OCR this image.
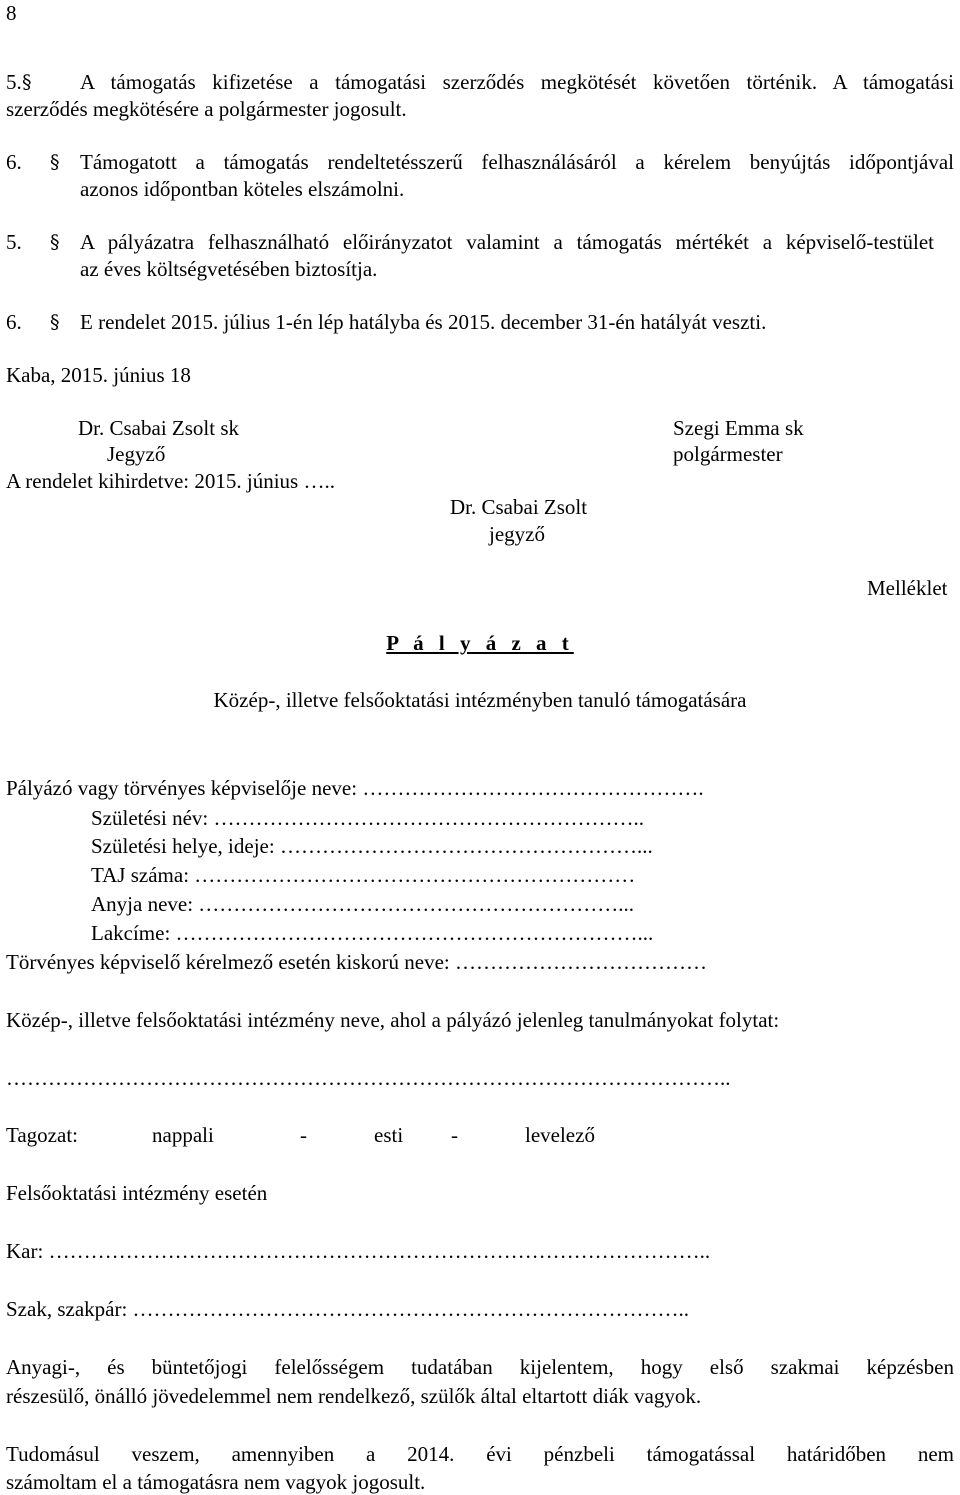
8
5. § A támogatás kifizetése a támogatási szerződés megkötését követően történik. A támogatási
szerződés megkötésére a polgármester jogosult.
6. § Támogatott a támogatás rendeltetésszerű felhasználásáról a kérelem benyújtás időpontjával
azonos időpontban köteles elszámolni.
5. § A pályázatra felhasználható előirányzatot valamint a támogatás mértékét a képviselő-testület
az éves költségvetésében biztosítja.
6. § E rendelet 2015. július 1-én lép hatályba és 2015. december 31-én hatályát veszti.
Kaba, 2015. június 18
Dr. Csabai Zsolt sk
Jegyző
Szegi Emma sk
polgármester
A rendelet kihirdetve: 2015. június …..
Dr. Csabai Zsolt
jegyző
Melléklet
P á l y á z a t
Közép-, illetve felsőoktatási intézményben tanuló támogatására
Pályázó vagy törvényes képviselője neve: ………………………………………….
Születési név: ……………………………………………………..
Születési helye, ideje: ……………………………………………...
TAJ száma: ………………………………………………………
Anyja neve: ……………………………………………………...
Lakcíme: …………………………………………………………...
Törvényes képviselő kérelmező esetén kiskorú neve: ………………………………
Közép-, illetve felsőoktatási intézmény neve, ahol a pályázó jelenleg tanulmányokat folytat:
…………………………………………………………………………………………..
Tagozat:	nappali	-	esti -	levelező
Felsőoktatási intézmény esetén
Kar: …………………………………………………………………………………..
Szak, szakpár: ……………………………………………………………………..
Anyagi-, és büntetőjogi felelősségem tudatában kijelentem, hogy első szakmai képzésben
részesülő, önálló jövedelemmel nem rendelkező, szülők által eltartott diák vagyok.
Tudomásul veszem, amennyiben a 2014. évi pénzbeli támogatással határidőben nem
számoltam el a támogatásra nem vagyok jogosult.
